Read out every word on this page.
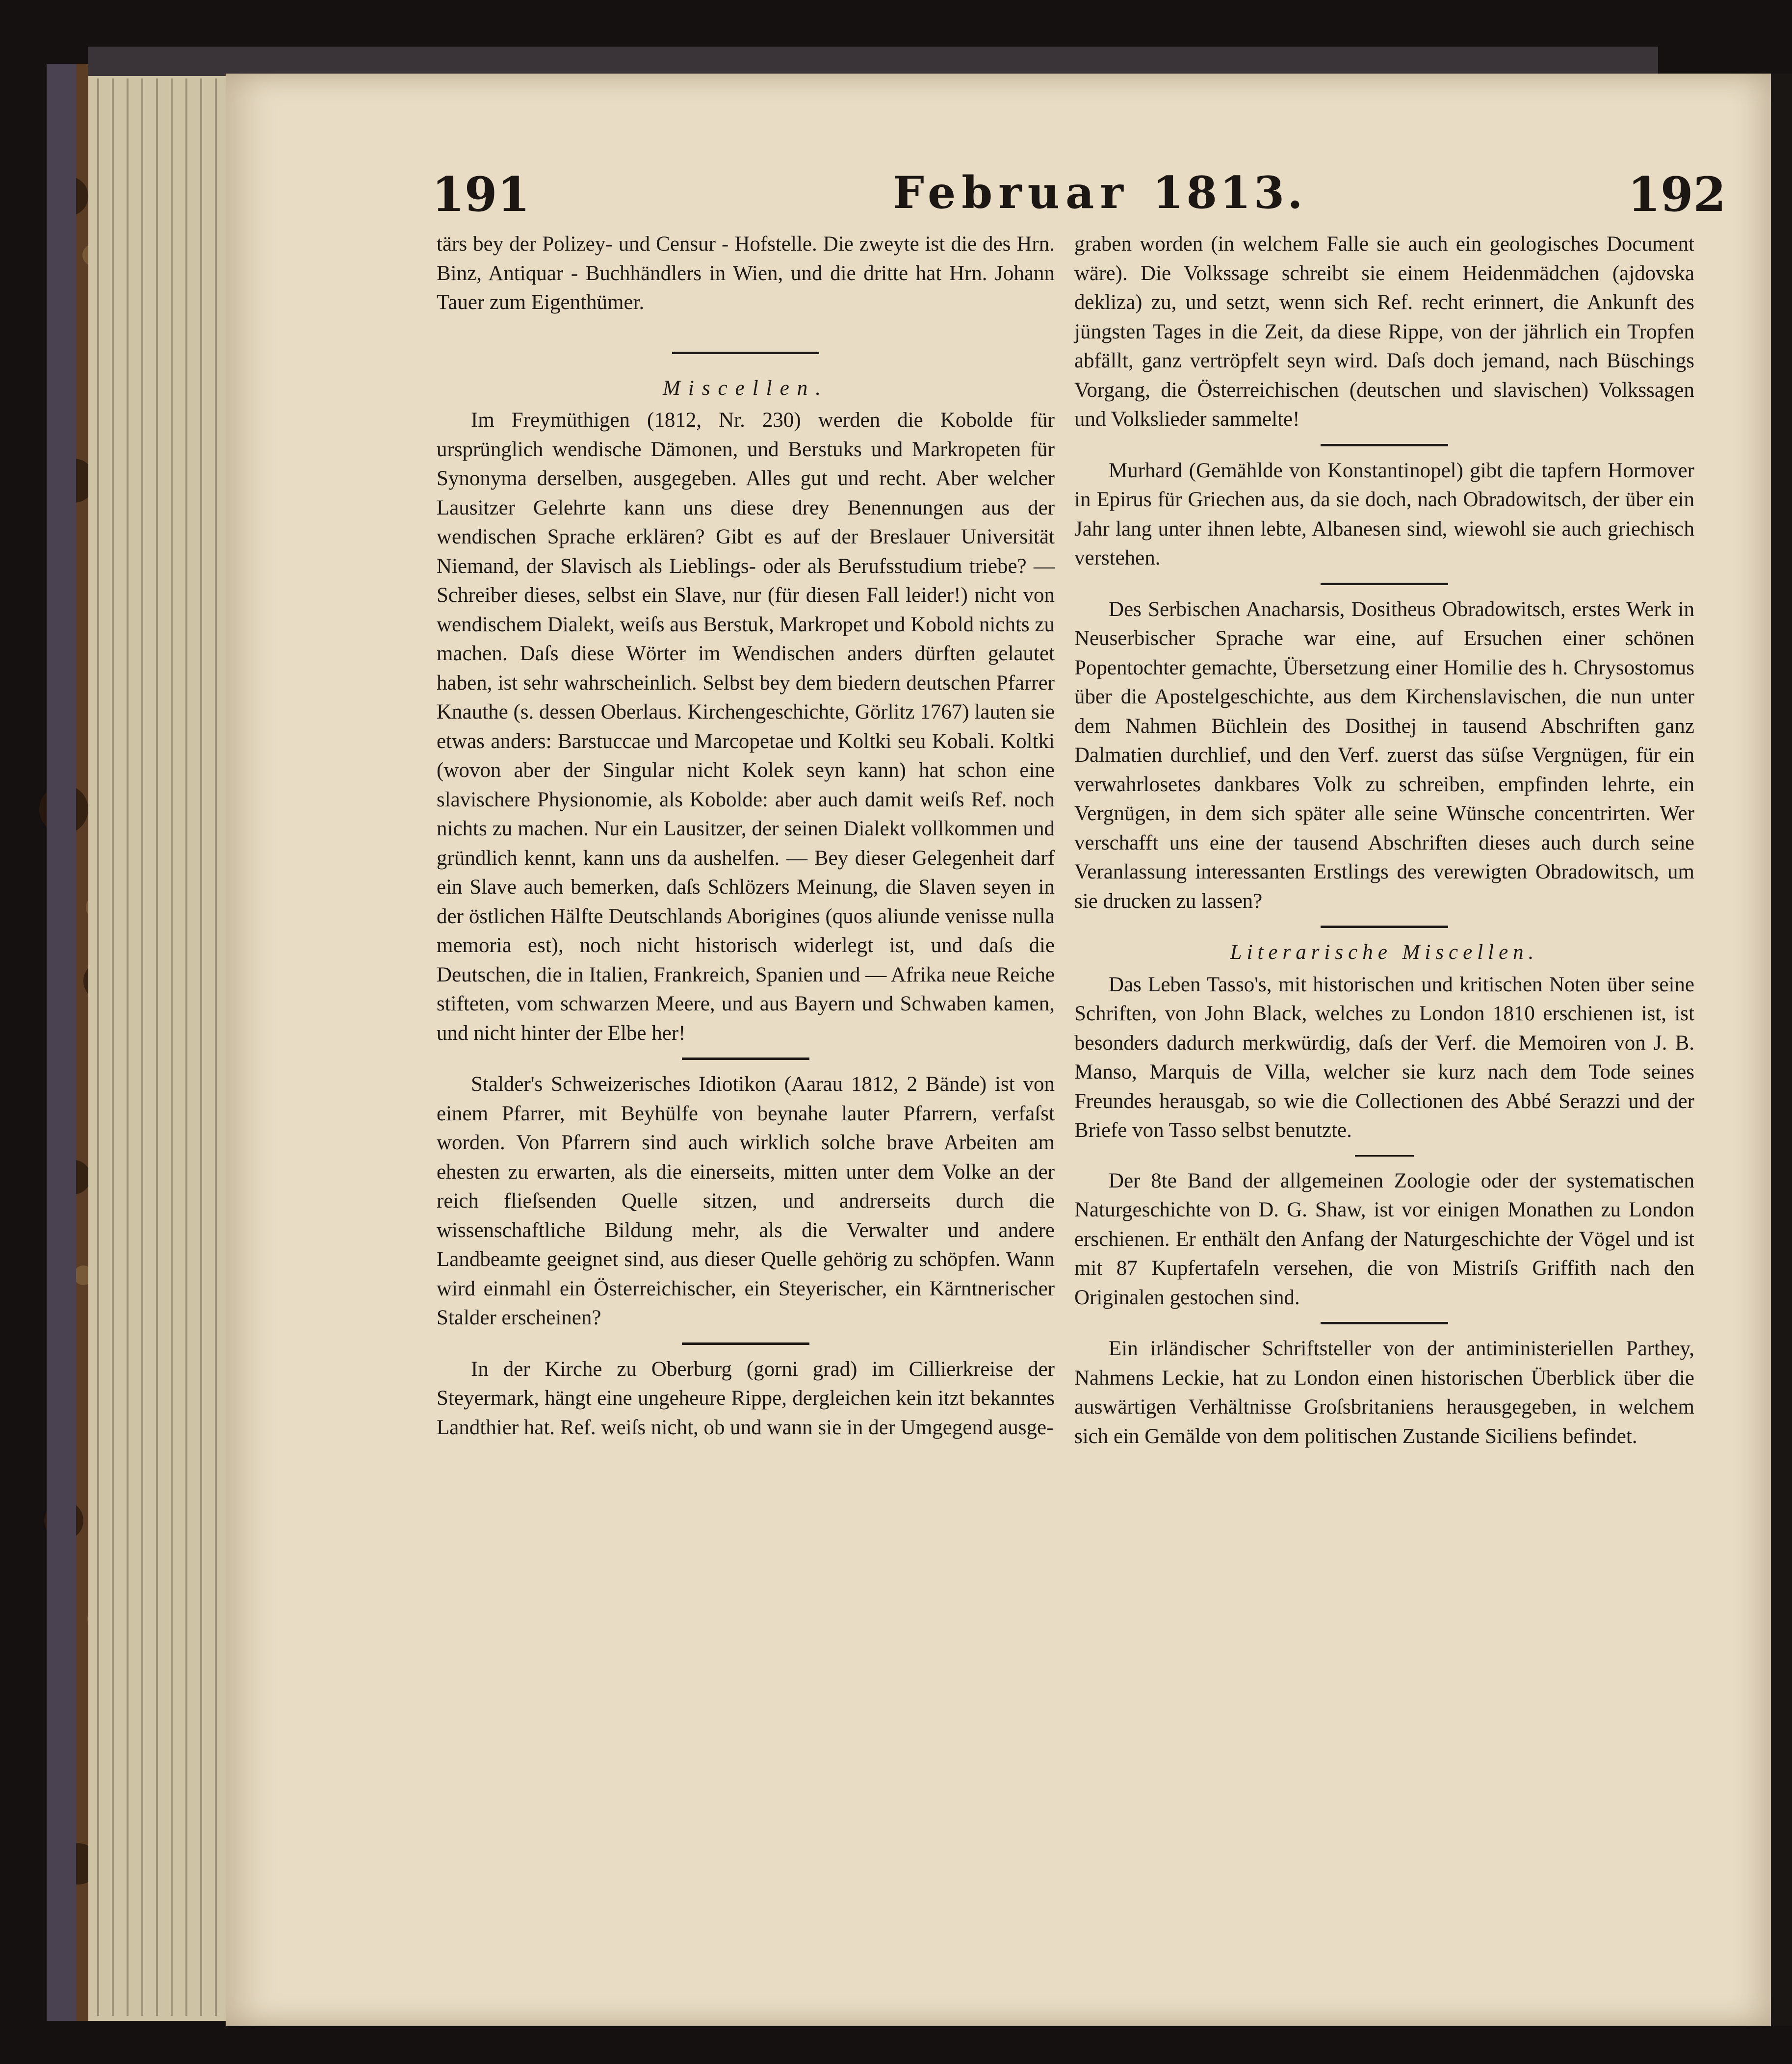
191	Februar 1813.	192

tärs bey der Polizey- und Censur - Hofstelle. Die zweyte ist die des Hrn. Binz, Antiquar - Buchhändlers in Wien, und die dritte hat Hrn. Johann Tauer zum Eigenthümer.

Miscellen.

Im Freymüthigen (1812, Nr. 230) werden die Kobolde für ursprünglich wendische Dämonen, und Berstuks und Markropeten für Synonyma derselben, ausgegeben. Alles gut und recht. Aber welcher Lausitzer Gelehrte kann uns diese drey Benennungen aus der wendischen Sprache erklären? Gibt es auf der Breslauer Universität Niemand, der Slavisch als Lieblings- oder als Berufsstudium triebe? — Schreiber dieses, selbst ein Slave, nur (für diesen Fall leider!) nicht von wendischem Dialekt, weiſs aus Berstuk, Markropet und Kobold nichts zu machen. Daſs diese Wörter im Wendischen anders dürften gelautet haben, ist sehr wahrscheinlich. Selbst bey dem biedern deutschen Pfarrer Knauthe (s. dessen Oberlaus. Kirchengeschichte, Görlitz 1767) lauten sie etwas anders: Barstuccae und Marcopetae und Koltki seu Kobali. Koltki (wovon aber der Singular nicht Kolek seyn kann) hat schon eine slavischere Physionomie, als Kobolde: aber auch damit weiſs Ref. noch nichts zu machen. Nur ein Lausitzer, der seinen Dialekt vollkommen und gründlich kennt, kann uns da aushelfen. — Bey dieser Gelegenheit darf ein Slave auch bemerken, daſs Schlözers Meinung, die Slaven seyen in der östlichen Hälfte Deutschlands Aborigines (quos aliunde venisse nulla memoria est), noch nicht historisch widerlegt ist, und daſs die Deutschen, die in Italien, Frankreich, Spanien und — Afrika neue Reiche stifteten, vom schwarzen Meere, und aus Bayern und Schwaben kamen, und nicht hinter der Elbe her!

Stalder's Schweizerisches Idiotikon (Aarau 1812, 2 Bände) ist von einem Pfarrer, mit Beyhülfe von beynahe lauter Pfarrern, verfaſst worden. Von Pfarrern sind auch wirklich solche brave Arbeiten am ehesten zu erwarten, als die einerseits, mitten unter dem Volke an der reich flieſsenden Quelle sitzen, und andrerseits durch die wissenschaftliche Bildung mehr, als die Verwalter und andere Landbeamte geeignet sind, aus dieser Quelle gehörig zu schöpfen. Wann wird einmahl ein Österreichischer, ein Steyerischer, ein Kärntnerischer Stalder erscheinen?

In der Kirche zu Oberburg (gorni grad) im Cillierkreise der Steyermark, hängt eine ungeheure Rippe, dergleichen kein itzt bekanntes Landthier hat. Ref. weiſs nicht, ob und wann sie in der Umgegend ausge-

graben worden (in welchem Falle sie auch ein geologisches Document wäre). Die Volkssage schreibt sie einem Heidenmädchen (ajdovska dekliza) zu, und setzt, wenn sich Ref. recht erinnert, die Ankunft des jüngsten Tages in die Zeit, da diese Rippe, von der jährlich ein Tropfen abfällt, ganz vertröpfelt seyn wird. Daſs doch jemand, nach Büschings Vorgang, die Österreichischen (deutschen und slavischen) Volkssagen und Volkslieder sammelte!

Murhard (Gemählde von Konstantinopel) gibt die tapfern Hormover in Epirus für Griechen aus, da sie doch, nach Obradowitsch, der über ein Jahr lang unter ihnen lebte, Albanesen sind, wiewohl sie auch griechisch verstehen.

Des Serbischen Anacharsis, Dositheus Obradowitsch, erstes Werk in Neuserbischer Sprache war eine, auf Ersuchen einer schönen Popentochter gemachte, Übersetzung einer Homilie des h. Chrysostomus über die Apostelgeschichte, aus dem Kirchenslavischen, die nun unter dem Nahmen Büchlein des Dosithej in tausend Abschriften ganz Dalmatien durchlief, und den Verf. zuerst das süſse Vergnügen, für ein verwahrlosetes dankbares Volk zu schreiben, empfinden lehrte, ein Vergnügen, in dem sich später alle seine Wünsche concentrirten. Wer verschafft uns eine der tausend Abschriften dieses auch durch seine Veranlassung interessanten Erstlings des verewigten Obradowitsch, um sie drucken zu lassen?

Literarische Miscellen.

Das Leben Tasso's, mit historischen und kritischen Noten über seine Schriften, von John Black, welches zu London 1810 erschienen ist, ist besonders dadurch merkwürdig, daſs der Verf. die Memoiren von J. B. Manso, Marquis de Villa, welcher sie kurz nach dem Tode seines Freundes herausgab, so wie die Collectionen des Abbé Serazzi und der Briefe von Tasso selbst benutzte.

Der 8te Band der allgemeinen Zoologie oder der systematischen Naturgeschichte von D. G. Shaw, ist vor einigen Monathen zu London erschienen. Er enthält den Anfang der Naturgeschichte der Vögel und ist mit 87 Kupfertafeln versehen, die von Mistriſs Griffith nach den Originalen gestochen sind.

Ein irländischer Schriftsteller von der antiministeriellen Parthey, Nahmens Leckie, hat zu London einen historischen Überblick über die auswärtigen Verhältnisse Groſsbritaniens herausgegeben, in welchem sich ein Gemälde von dem politischen Zustande Siciliens befindet.
